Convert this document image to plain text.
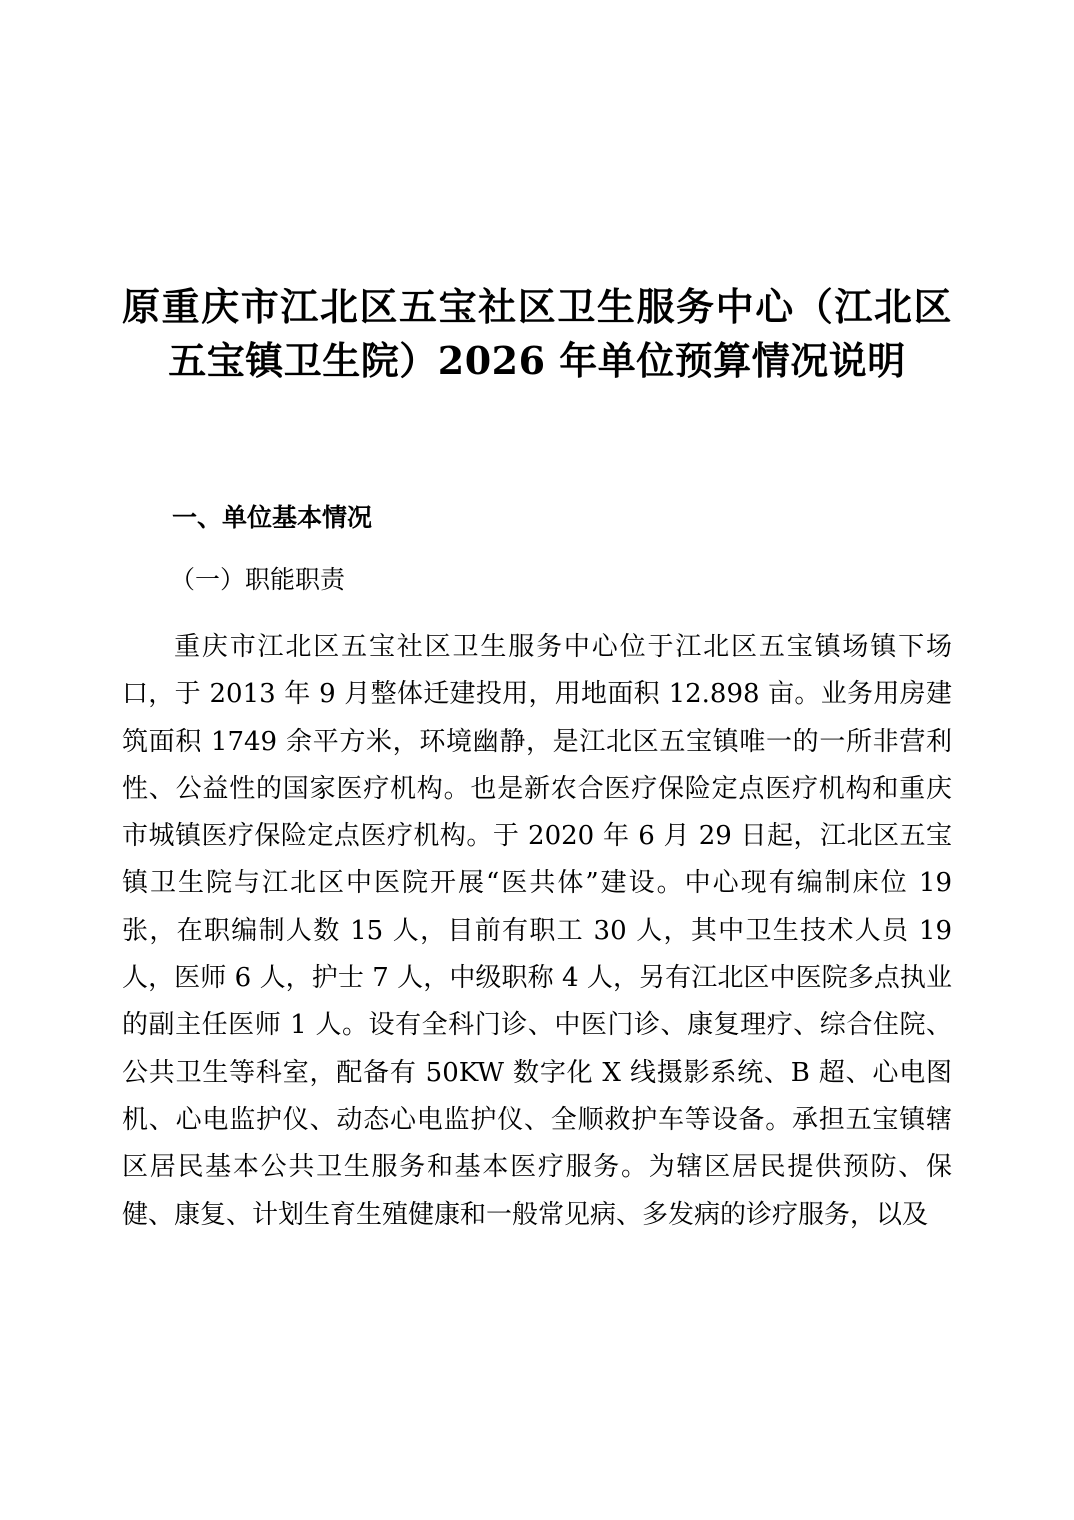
原重庆市江北区五宝社区卫生服务中心（江北区五宝镇卫生院）2026 年单位预算情况说明
一、单位基本情况
（一）职能职责

重庆市江北区五宝社区卫生服务中心位于江北区五宝镇场镇下场口，于 2013 年 9 月整体迁建投用，用地面积 12.898 亩。业务用房建筑面积 1749 余平方米，环境幽静，是江北区五宝镇唯一的一所非营利性、公益性的国家医疗机构。也是新农合医疗保险定点医疗机构和重庆市城镇医疗保险定点医疗机构。于 2020 年 6 月 29 日起，江北区五宝镇卫生院与江北区中医院开展“医共体”建设。中心现有编制床位 19 张，在职编制人数 15 人，目前有职工 30 人，其中卫生技术人员 19 人，医师 6 人，护士 7 人，中级职称 4 人，另有江北区中医院多点执业的副主任医师 1 人。设有全科门诊、中医门诊、康复理疗、综合住院、公共卫生等科室，配备有 50KW 数字化 X 线摄影系统、B 超、心电图机、心电监护仪、动态心电监护仪、全顺救护车等设备。承担五宝镇辖区居民基本公共卫生服务和基本医疗服务。为辖区居民提供预防、保健、康复、计划生育生殖健康和一般常见病、多发病的诊疗服务，以及
